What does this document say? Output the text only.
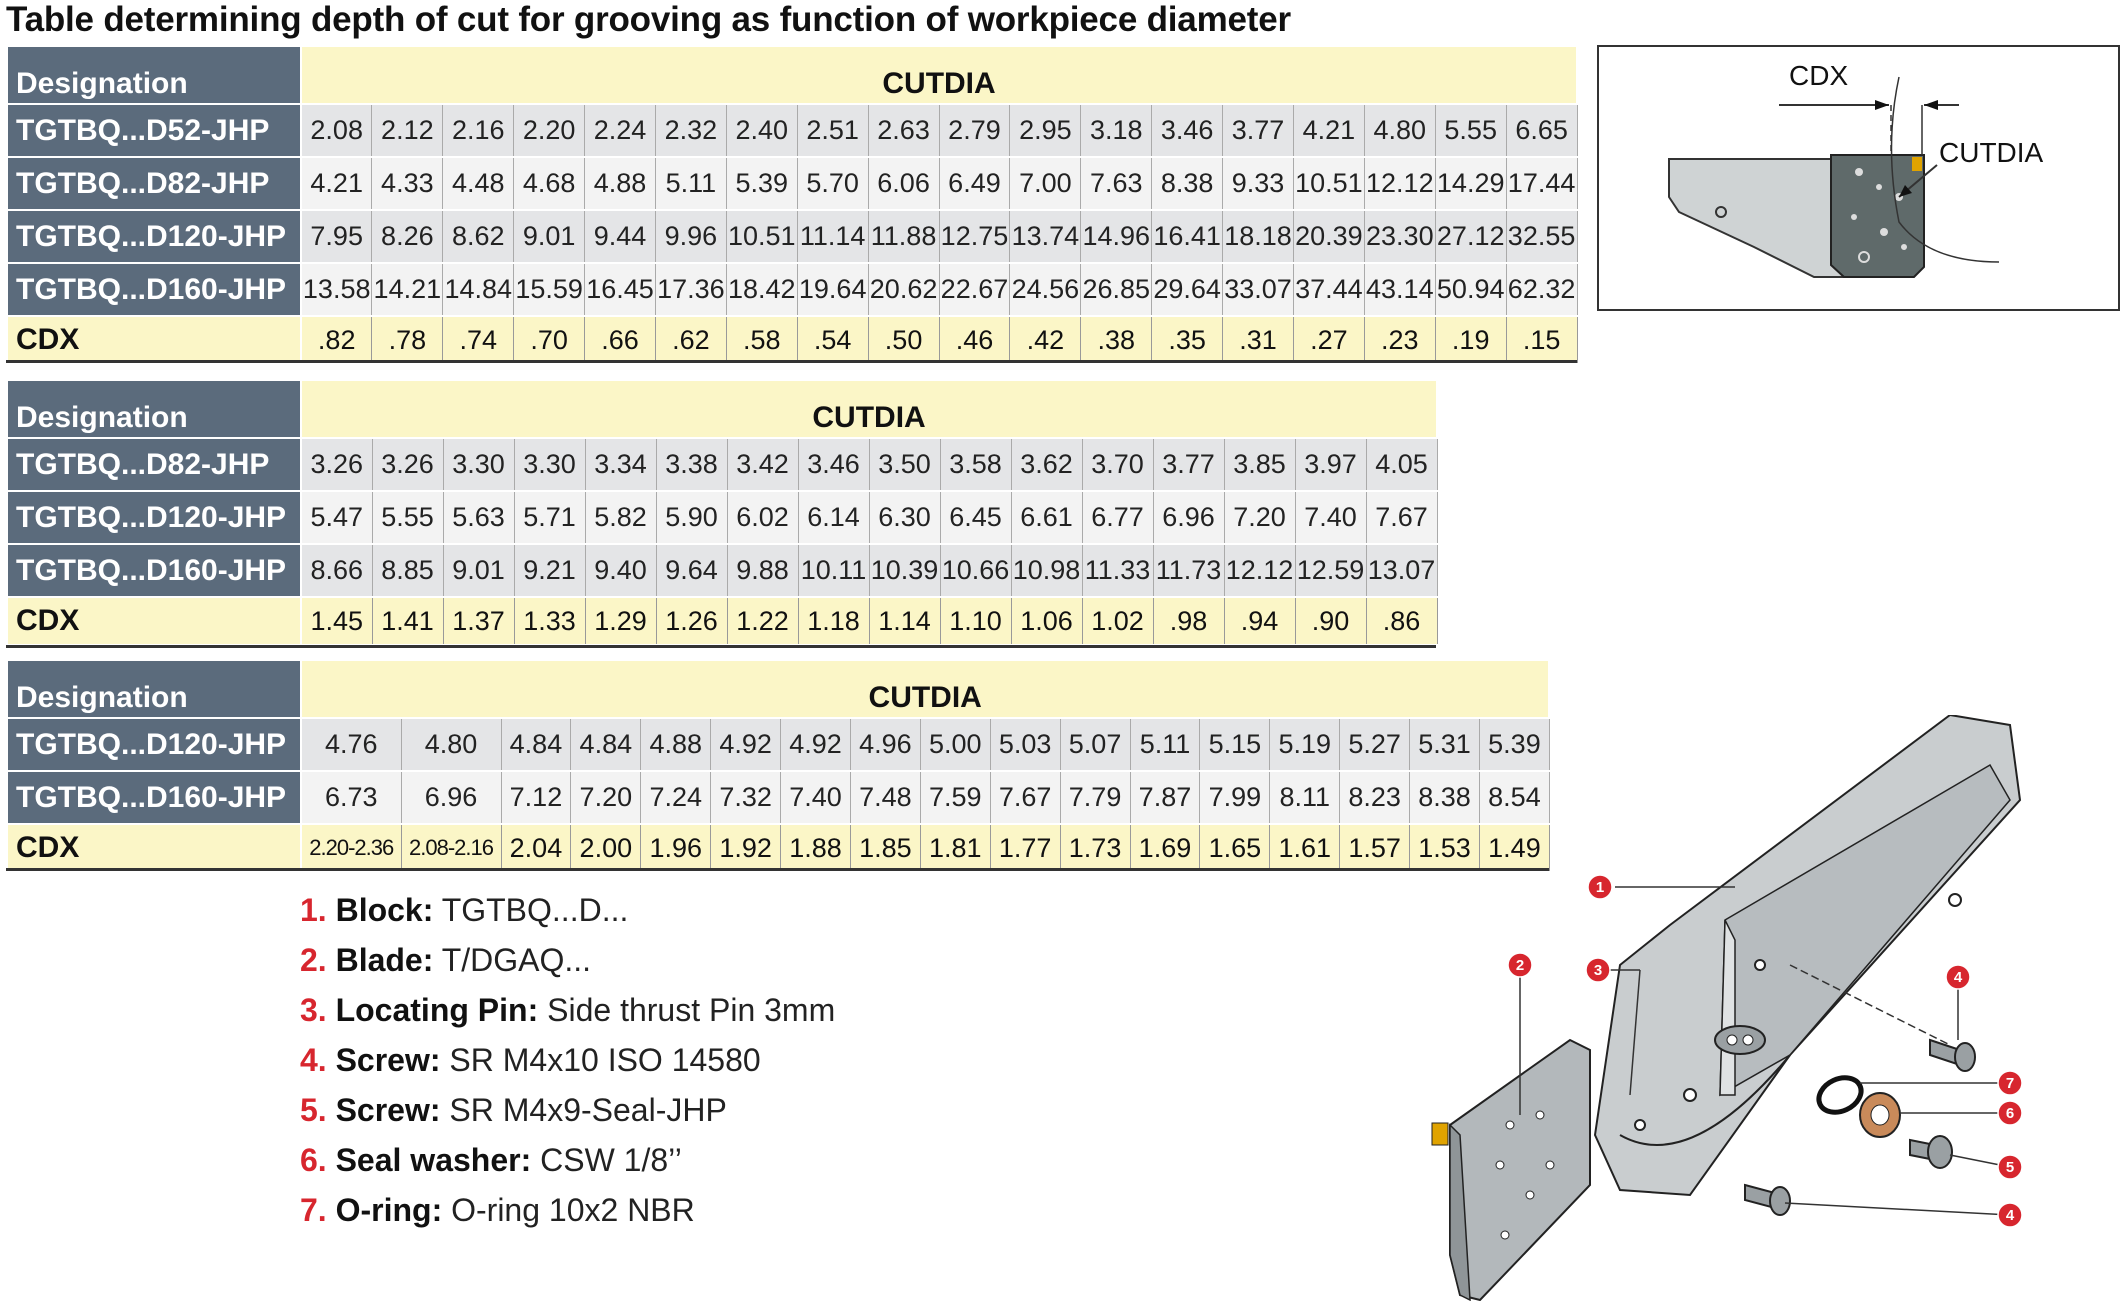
Table determining depth of cut for grooving as function of workpiece diameter
Designation	CUTDIA																	
TGTBQ...D52-JHP	2.08	2.12	2.16	2.20	2.24	2.32	2.40	2.51	2.63	2.79	2.95	3.18	3.46	3.77	4.21	4.80	5.55	6.65
TGTBQ...D82-JHP	4.21	4.33	4.48	4.68	4.88	5.11	5.39	5.70	6.06	6.49	7.00	7.63	8.38	9.33	10.51	12.12	14.29	17.44
TGTBQ...D120-JHP	7.95	8.26	8.62	9.01	9.44	9.96	10.51	11.14	11.88	12.75	13.74	14.96	16.41	18.18	20.39	23.30	27.12	32.55
TGTBQ...D160-JHP	13.58	14.21	14.84	15.59	16.45	17.36	18.42	19.64	20.62	22.67	24.56	26.85	29.64	33.07	37.44	43.14	50.94	62.32
CDX	.82	.78	.74	.70	.66	.62	.58	.54	.50	.46	.42	.38	.35	.31	.27	.23	.19	.15
Designation	CUTDIA															
TGTBQ...D82-JHP	3.26	3.26	3.30	3.30	3.34	3.38	3.42	3.46	3.50	3.58	3.62	3.70	3.77	3.85	3.97	4.05
TGTBQ...D120-JHP	5.47	5.55	5.63	5.71	5.82	5.90	6.02	6.14	6.30	6.45	6.61	6.77	6.96	7.20	7.40	7.67
TGTBQ...D160-JHP	8.66	8.85	9.01	9.21	9.40	9.64	9.88	10.11	10.39	10.66	10.98	11.33	11.73	12.12	12.59	13.07
CDX	1.45	1.41	1.37	1.33	1.29	1.26	1.22	1.18	1.14	1.10	1.06	1.02	.98	.94	.90	.86
Designation	CUTDIA																
TGTBQ...D120-JHP	4.76	4.80	4.84	4.84	4.88	4.92	4.92	4.96	5.00	5.03	5.07	5.11	5.15	5.19	5.27	5.31	5.39
TGTBQ...D160-JHP	6.73	6.96	7.12	7.20	7.24	7.32	7.40	7.48	7.59	7.67	7.79	7.87	7.99	8.11	8.23	8.38	8.54
CDX	2.20-2.36	2.08-2.16	2.04	2.00	1.96	1.92	1.88	1.85	1.81	1.77	1.73	1.69	1.65	1.61	1.57	1.53	1.49
CDX
CUTDIA
1. Block: TGTBQ...D...
2. Blade: T/DGAQ...
3. Locating Pin: Side thrust Pin 3mm
4. Screw: SR M4x10 ISO 14580
5. Screw: SR M4x9-Seal-JHP
6. Seal washer: CSW 1/8’’
7. O-ring: O-ring 10x2 NBR
1
2	3	4
4
5
6
7
